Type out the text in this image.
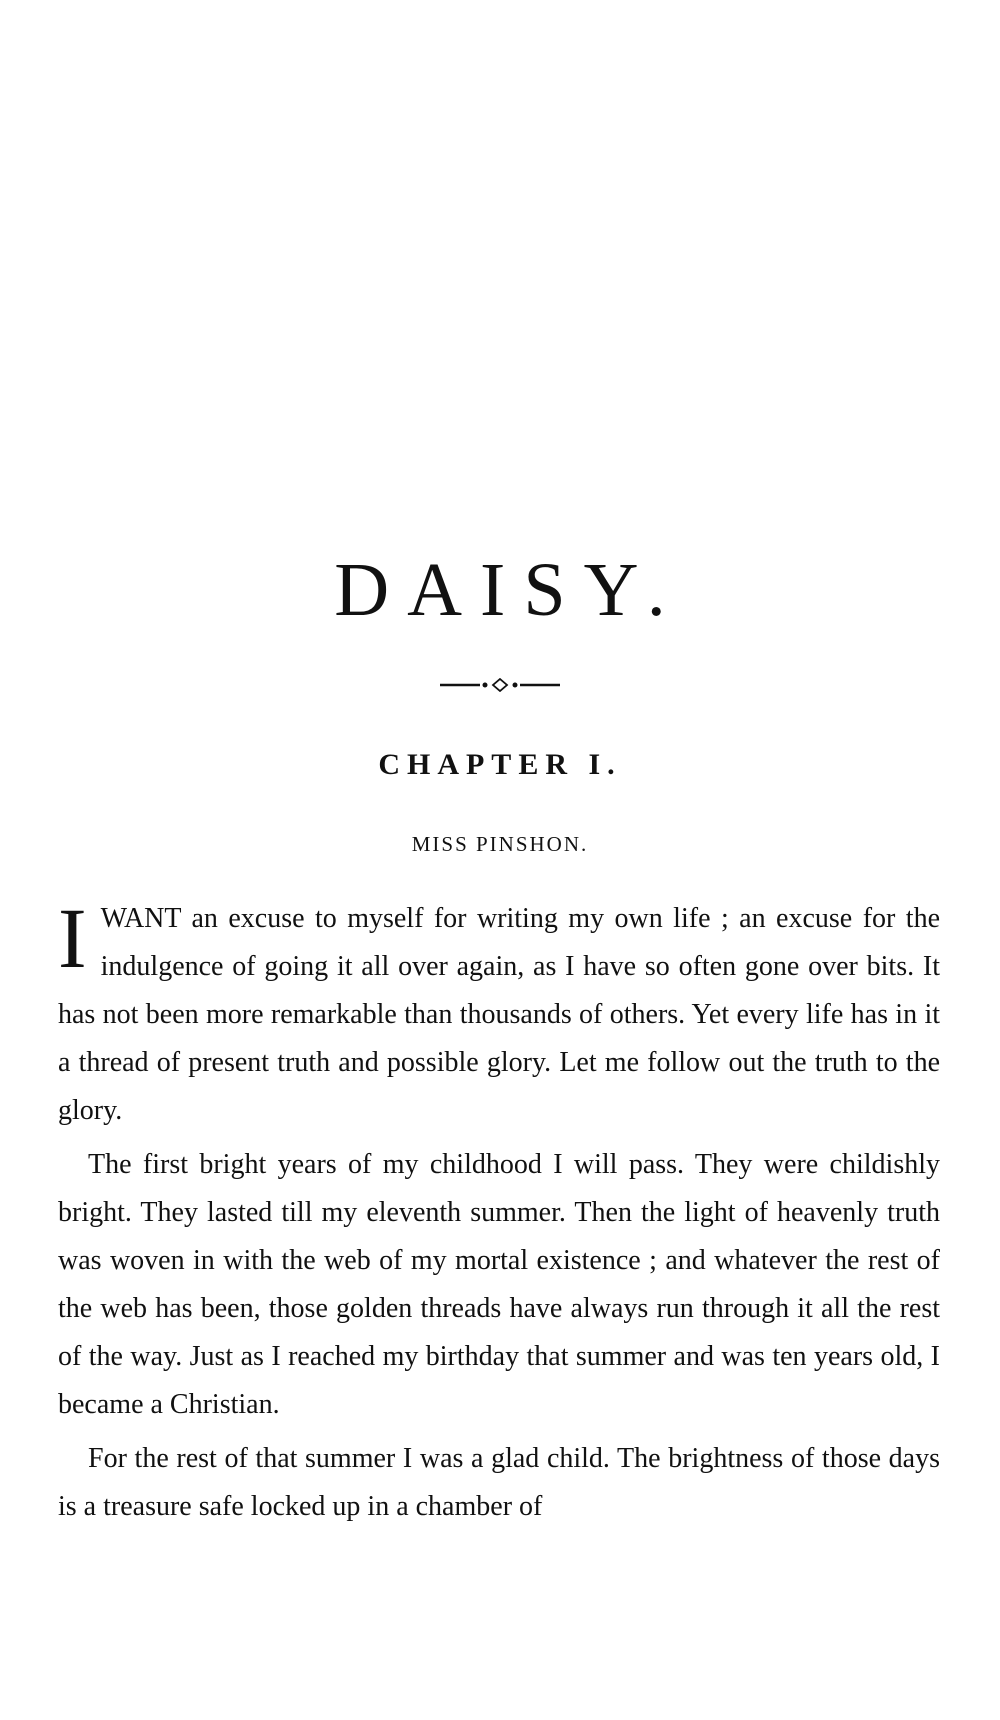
DAISY.
CHAPTER I.
MISS PINSHON.

IWANT an excuse to myself for writing my own life ; an excuse for the indulgence of going it all over again, as I have so often gone over bits. It has not been more remarkable than thousands of others. Yet every life has in it a thread of present truth and possible glory. Let me follow out the truth to the glory.

The first bright years of my childhood I will pass. They were childishly bright. They lasted till my eleventh summer. Then the light of heavenly truth was woven in with the web of my mortal existence ; and whatever the rest of the web has been, those golden threads have always run through it all the rest of the way. Just as I reached my birthday that summer and was ten years old, I became a Christian.

For the rest of that summer I was a glad child. The brightness of those days is a treasure safe locked up in a chamber of
